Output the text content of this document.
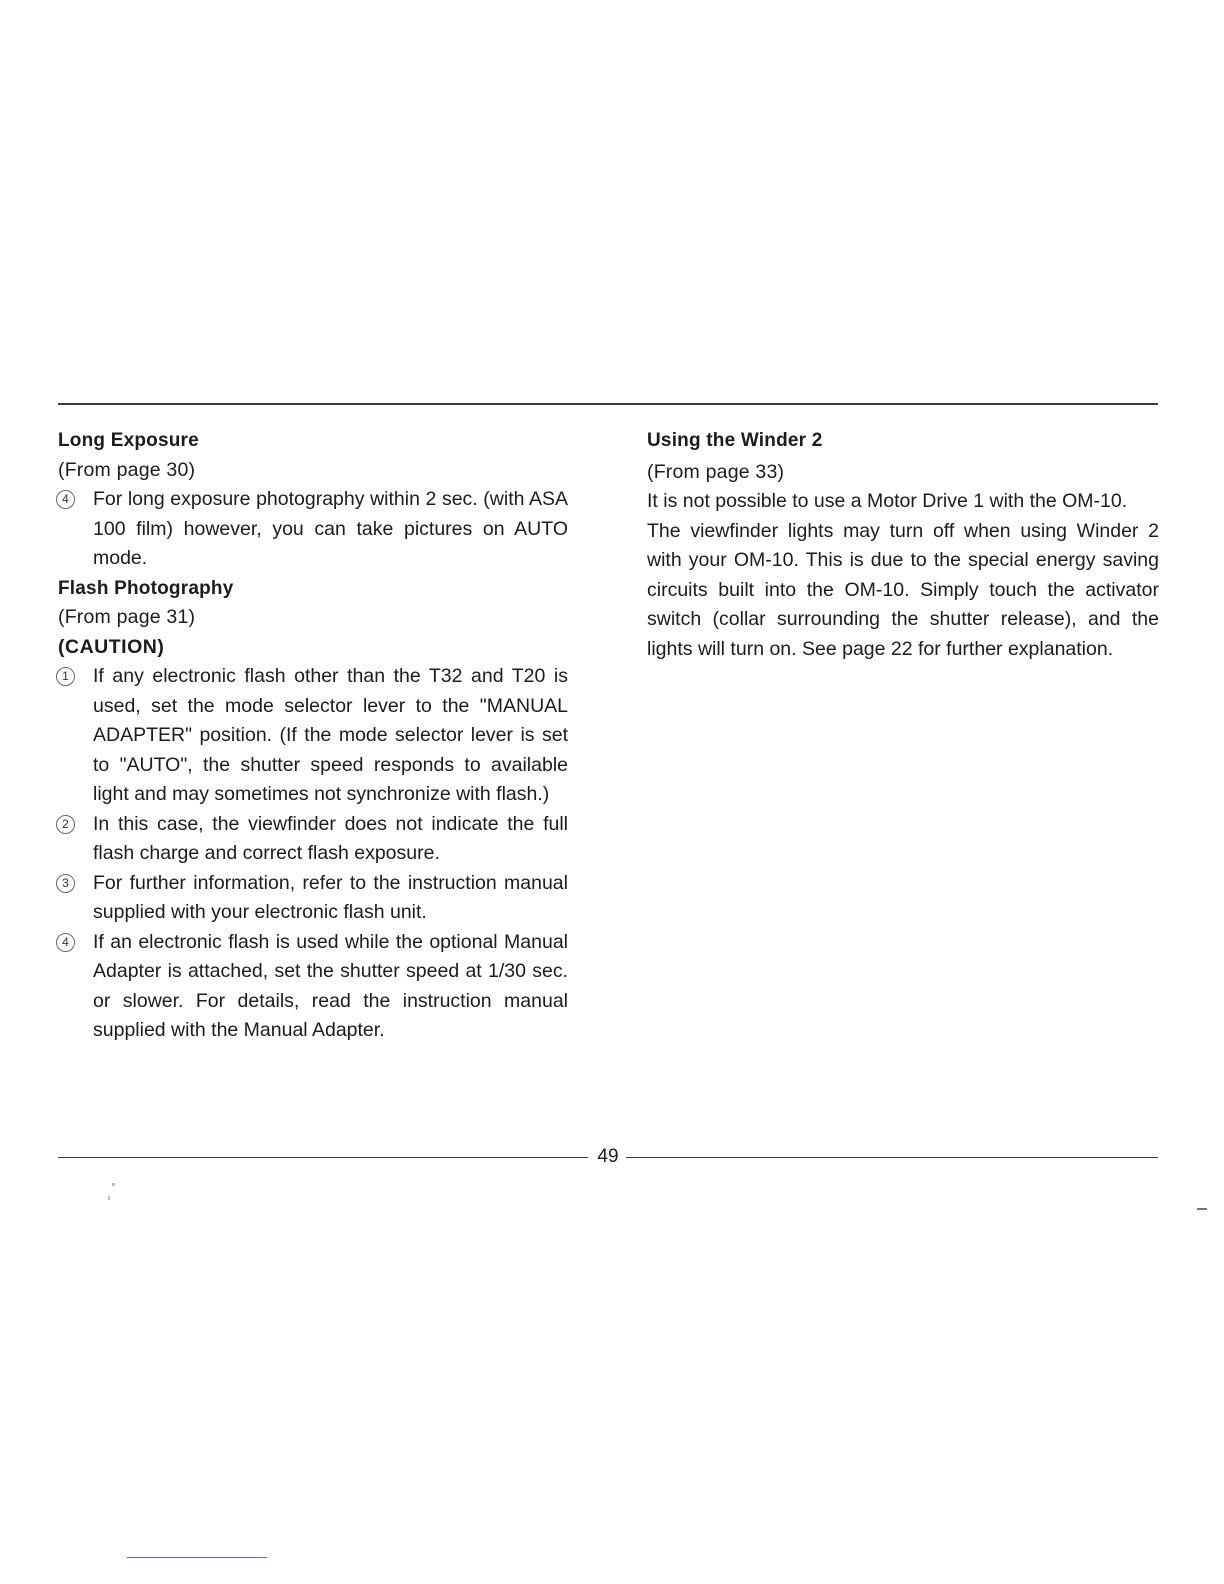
Long Exposure
(From page 30)
4	For long exposure photography within 2 sec. (with ASA 100 film) however, you can take pictures on AUTO mode.
Flash Photography
(From page 31)
(CAUTION)
1	If any electronic flash other than the T32 and T20 is used, set the mode selector lever to the "MANUAL ADAPTER" position. (If the mode selector lever is set to "AUTO", the shutter speed responds to available light and may sometimes not synchronize with flash.)
2	In this case, the viewfinder does not indicate the full flash charge and correct flash exposure.
3	For further information, refer to the instruction manual supplied with your electronic flash unit.
4	If an electronic flash is used while the optional Manual Adapter is attached, set the shutter speed at 1/30 sec. or slower. For details, read the instruction manual supplied with the Manual Adapter.
Using the Winder 2
(From page 33)
It is not possible to use a Motor Drive 1 with the OM-10.
The viewfinder lights may turn off when using Winder 2 with your OM-10. This is due to the special energy saving circuits built into the OM-10. Simply touch the activator switch (collar surrounding the shutter release), and the lights will turn on. See page 22 for further explanation.
49
